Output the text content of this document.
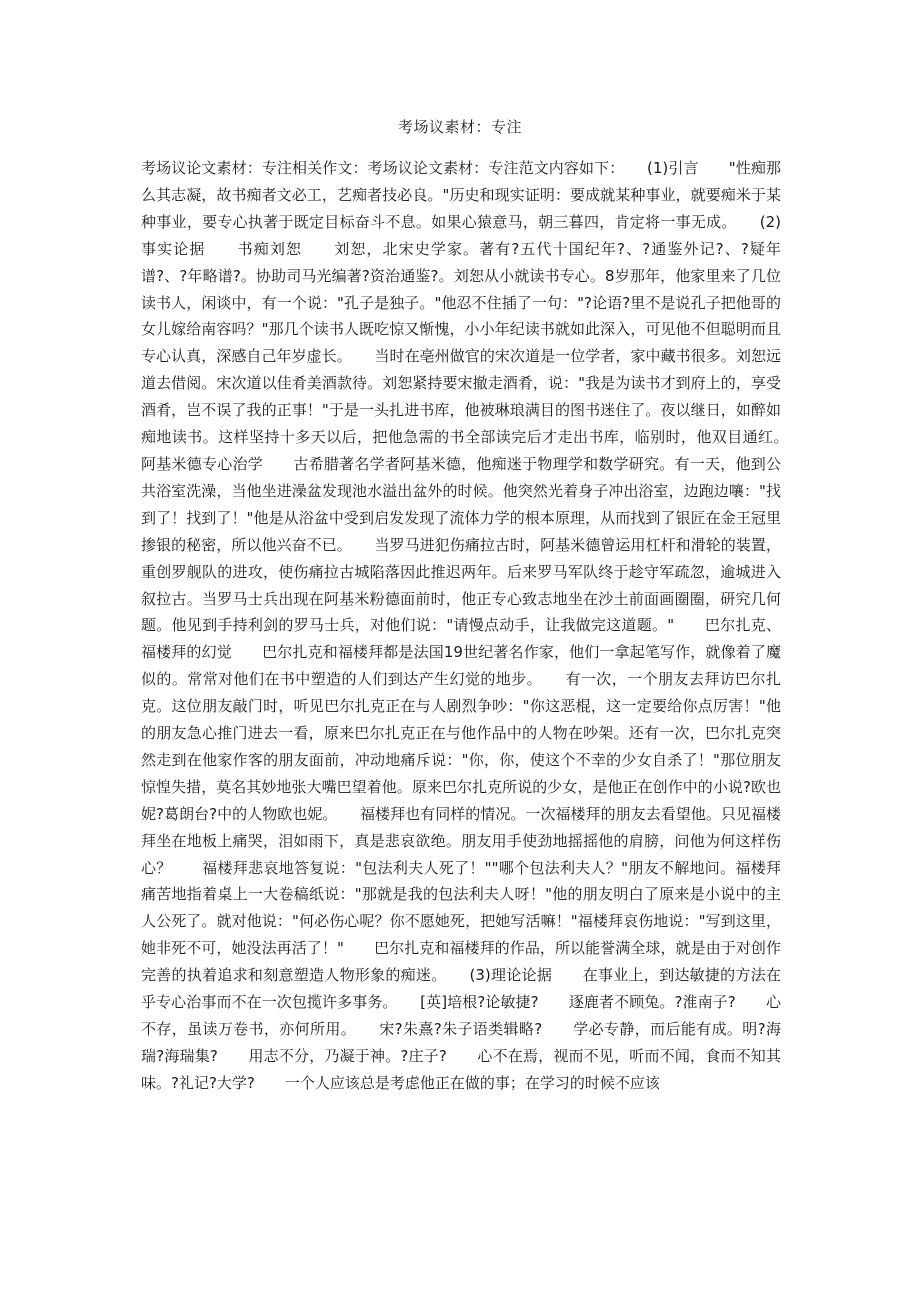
考场议素材：专注

考场议论文素材：专注相关作文：考场议论文素材：专注范文内容如下：　　(1)引言　　"性痴那么其志凝，故书痴者文必工，艺痴者技必良。"历史和现实证明：要成就某种事业，就要痴米于某种事业，要专心执著于既定目标奋斗不息。如果心猿意马，朝三暮四，肯定将一事无成。　　(2)事实论据　　书痴刘恕　　刘恕，北宋史学家。著有?五代十国纪年?、?通鉴外记?、?疑年谱?、?年略谱?。协助司马光编著?资治通鉴?。刘恕从小就读书专心。8岁那年，他家里来了几位读书人，闲谈中，有一个说："孔子是独子。"他忍不住插了一句："?论语?里不是说孔子把他哥的女儿嫁给南容吗？"那几个读书人既吃惊又惭愧，小小年纪读书就如此深入，可见他不但聪明而且专心认真，深感自己年岁虚长。　　当时在亳州做官的宋次道是一位学者，家中藏书很多。刘恕远道去借阅。宋次道以佳肴美酒款待。刘恕紧持要宋撤走酒肴，说："我是为读书才到府上的，享受酒肴，岂不误了我的正事！"于是一头扎进书库，他被琳琅满目的图书迷住了。夜以继日，如醉如痴地读书。这样坚持十多天以后，把他急需的书全部读完后才走出书库，临别时，他双目通红。　　阿基米德专心治学　　古希腊著名学者阿基米德，他痴迷于物理学和数学研究。有一天，他到公共浴室洗澡，当他坐进澡盆发现池水溢出盆外的时候。他突然光着身子冲出浴室，边跑边嚷："找到了！找到了！"他是从浴盆中受到启发发现了流体力学的根本原理，从而找到了银匠在金王冠里掺银的秘密，所以他兴奋不已。　　当罗马进犯伤痛拉古时，阿基米德曾运用杠杆和滑轮的装置，重创罗舰队的进攻，使伤痛拉古城陷落因此推迟两年。后来罗马军队终于趁守军疏忽，逾城进入叙拉古。当罗马士兵出现在阿基米粉德面前时，他正专心致志地坐在沙土前面画圈圈，研究几何题。他见到手持利剑的罗马士兵，对他们说："请慢点动手，让我做完这道题。"　　巴尔扎克、福楼拜的幻觉　　巴尔扎克和福楼拜都是法国19世纪著名作家，他们一拿起笔写作，就像着了魔似的。常常对他们在书中塑造的人们到达产生幻觉的地步。　　有一次，一个朋友去拜访巴尔扎克。这位朋友敲门时，听见巴尔扎克正在与人剧烈争吵："你这恶棍，这一定要给你点厉害！"他的朋友急心推门进去一看，原来巴尔扎克正在与他作品中的人物在吵架。还有一次，巴尔扎克突然走到在他家作客的朋友面前，冲动地痛斥说："你，你，使这个不幸的少女自杀了！"那位朋友惊惶失措，莫名其妙地张大嘴巴望着他。原来巴尔扎克所说的少女，是他正在创作中的小说?欧也妮?葛朗台?中的人物欧也妮。　　福楼拜也有同样的情况。一次福楼拜的朋友去看望他。只见福楼拜坐在地板上痛哭，泪如雨下，真是悲哀欲绝。朋友用手使劲地摇摇他的肩膀，问他为何这样伤心？　　福楼拜悲哀地答复说："包法利夫人死了！""哪个包法利夫人？"朋友不解地问。福楼拜痛苦地指着桌上一大卷稿纸说："那就是我的包法利夫人呀！"他的朋友明白了原来是小说中的主人公死了。就对他说："何必伤心呢？你不愿她死，把她写活嘛！"福楼拜哀伤地说："写到这里，她非死不可，她没法再活了！"　　巴尔扎克和福楼拜的作品，所以能誉满全球，就是由于对创作完善的执着追求和刻意塑造人物形象的痴迷。　　(3)理论论据　　在事业上，到达敏捷的方法在乎专心治事而不在一次包揽许多事务。　　[英]培根?论敏捷?　　逐鹿者不顾兔。?淮南子?　　心不存，虽读万卷书，亦何所用。　　宋?朱熹?朱子语类辑略?　　学必专静，而后能有成。明?海瑞?海瑞集?　　用志不分，乃凝于神。?庄子?　　心不在焉，视而不见，听而不闻，食而不知其味。?礼记?大学?　　一个人应该总是考虑他正在做的事；在学习的时候不应该
